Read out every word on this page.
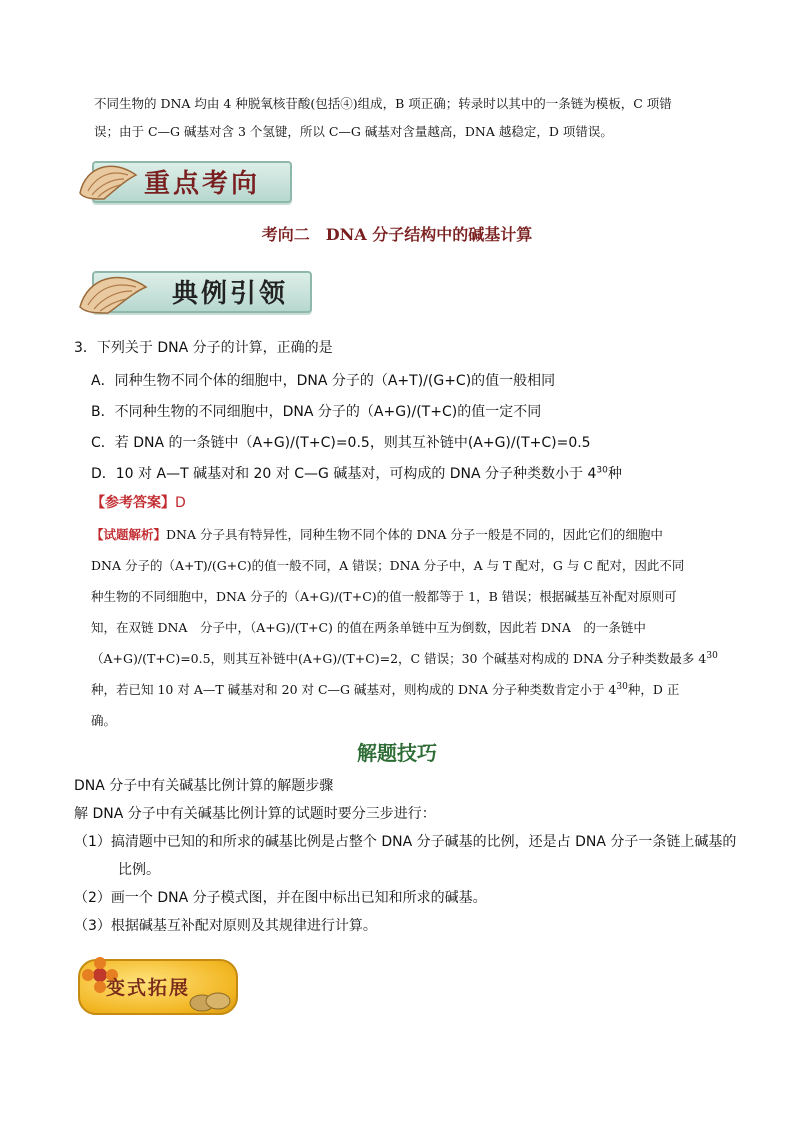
不同生物的 DNA 均由 4 种脱氧核苷酸(包括④)组成，B 项正确；转录时以其中的一条链为模板，C 项错
误；由于 C—G 碱基对含 3 个氢键，所以 C—G 碱基对含量越高，DNA 越稳定，D 项错误。
重点考向
考向二　DNA 分子结构中的碱基计算
典例引领
3．下列关于 DNA 分子的计算，正确的是
A．同种生物不同个体的细胞中，DNA 分子的（A+T)/(G+C)的值一般相同
B．不同种生物的不同细胞中，DNA 分子的（A+G)/(T+C)的值一定不同
C．若 DNA 的一条链中（A+G)/(T+C)=0.5，则其互补链中(A+G)/(T+C)=0.5
D．10 对 A—T 碱基对和 20 对 C—G 碱基对，可构成的 DNA 分子种类数小于 $4^{30}$种
【参考答案】D
【试题解析】DNA 分子具有特异性，同种生物不同个体的 DNA 分子一般是不同的，因此它们的细胞中
DNA 分子的（A+T)/(G+C)的值一般不同，A 错误；DNA 分子中，A 与 T 配对，G 与 C 配对，因此不同
种生物的不同细胞中，DNA 分子的（A+G)/(T+C)的值一般都等于 1，B 错误；根据碱基互补配对原则可
知，在双链 DNA　分子中，（A+G)/(T+C) 的值在两条单链中互为倒数，因此若 DNA　的一条链中
（A+G)/(T+C)=0.5，则其互补链中(A+G)/(T+C)=2，C 错误；30 个碱基对构成的 DNA 分子种类数最多 $4^{30}$
种，若已知 10 对 A—T 碱基对和 20 对 C—G 碱基对，则构成的 DNA 分子种类数肯定小于 $4^{30}$种，D 正
确。
解题技巧
DNA 分子中有关碱基比例计算的解题步骤
解 DNA 分子中有关碱基比例计算的试题时要分三步进行：
（1）搞清题中已知的和所求的碱基比例是占整个 DNA 分子碱基的比例，还是占 DNA 分子一条链上碱基的
比例。
（2）画一个 DNA 分子模式图，并在图中标出已知和所求的碱基。
（3）根据碱基互补配对原则及其规律进行计算。
变式拓展
